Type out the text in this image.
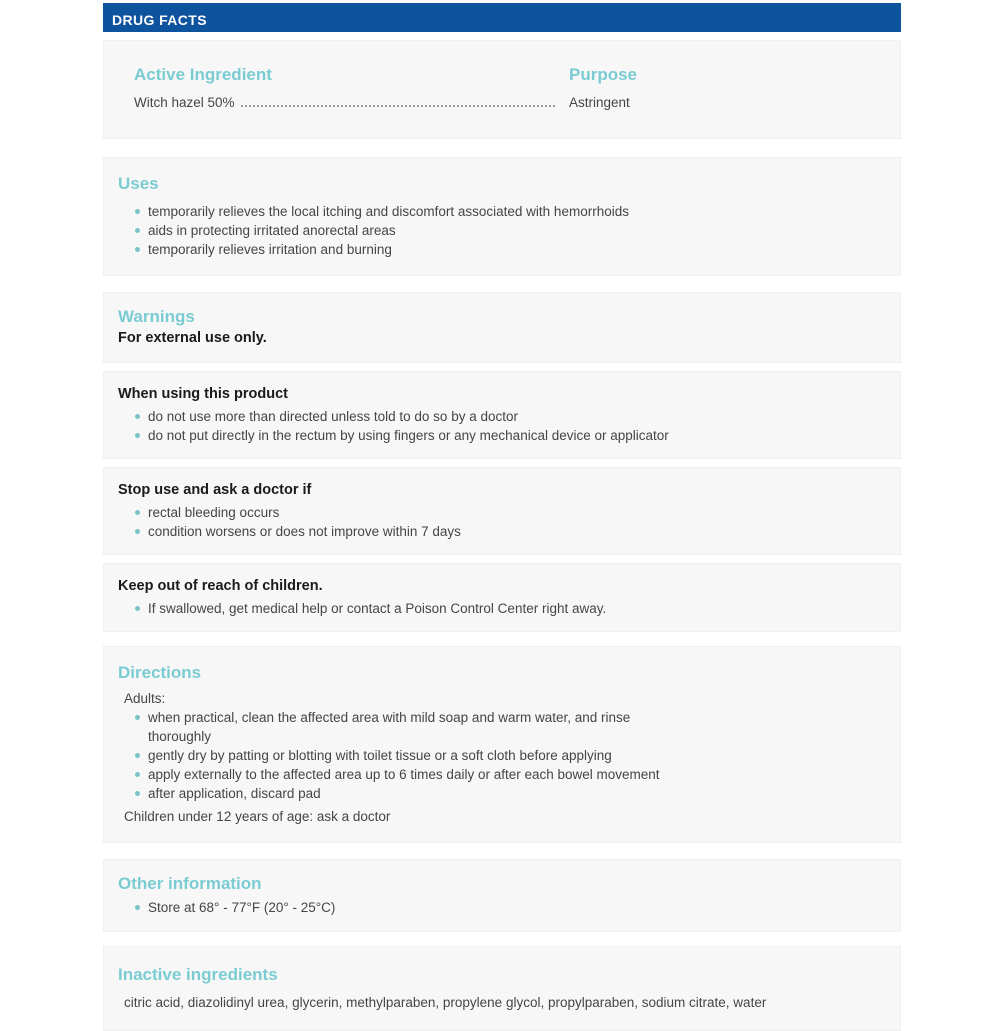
DRUG FACTS
Active Ingredient	Purpose
Witch hazel 50%	Astringent
Uses
temporarily relieves the local itching and discomfort associated with hemorrhoids
aids in protecting irritated anorectal areas
temporarily relieves irritation and burning
Warnings
For external use only.
When using this product
do not use more than directed unless told to do so by a doctor
do not put directly in the rectum by using fingers or any mechanical device or applicator
Stop use and ask a doctor if
rectal bleeding occurs
condition worsens or does not improve within 7 days
Keep out of reach of children.
If swallowed, get medical help or contact a Poison Control Center right away.
Directions
Adults:
when practical, clean the affected area with mild soap and warm water, and rinse thoroughly
gently dry by patting or blotting with toilet tissue or a soft cloth before applying
apply externally to the affected area up to 6 times daily or after each bowel movement
after application, discard pad
Children under 12 years of age: ask a doctor
Other information
Store at 68° - 77°F (20° - 25°C)
Inactive ingredients
citric acid, diazolidinyl urea, glycerin, methylparaben, propylene glycol, propylparaben, sodium citrate, water
